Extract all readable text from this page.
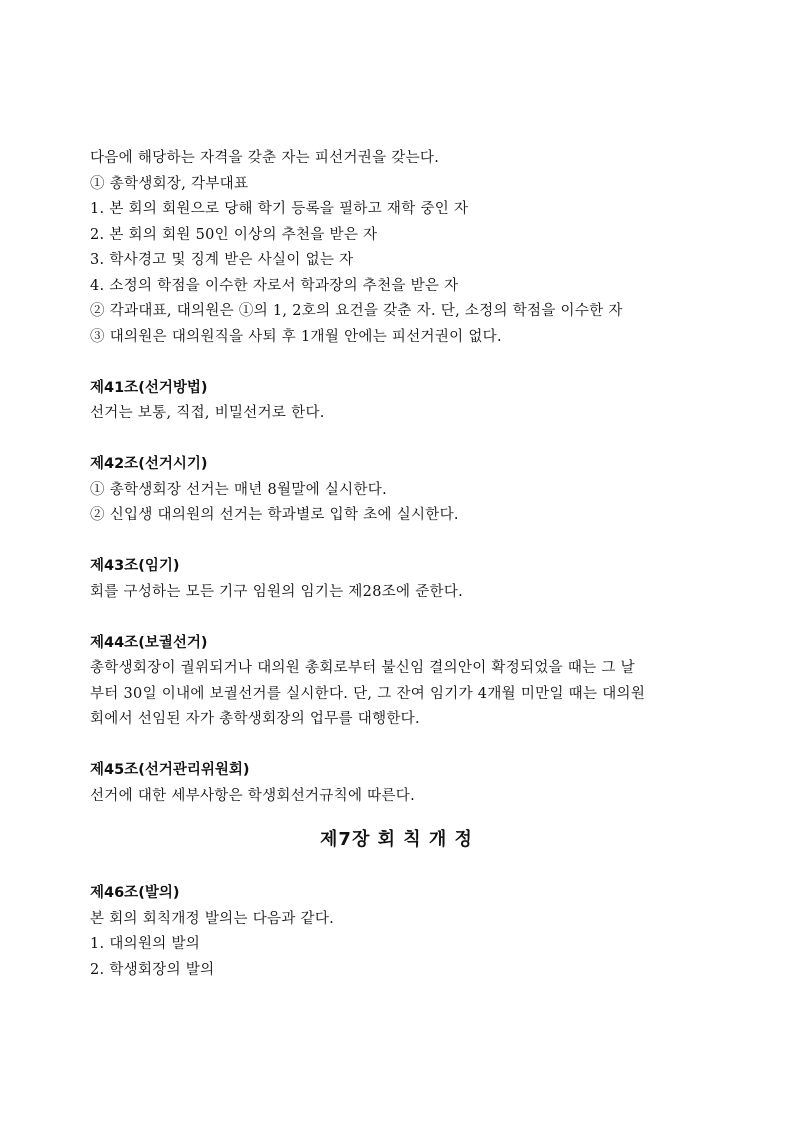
다음에 해당하는 자격을 갖춘 자는 피선거권을 갖는다.
① 총학생회장, 각부대표
1. 본 회의 회원으로 당해 학기 등록을 필하고 재학 중인 자
2. 본 회의 회원 50인 이상의 추천을 받은 자
3. 학사경고 및 징계 받은 사실이 없는 자
4. 소정의 학점을 이수한 자로서 학과장의 추천을 받은 자
② 각과대표, 대의원은 ①의 1, 2호의 요건을 갖춘 자. 단, 소정의 학점을 이수한 자
③ 대의원은 대의원직을 사퇴 후 1개월 안에는 피선거권이 없다.
제41조(선거방법)
선거는 보통, 직접, 비밀선거로 한다.
제42조(선거시기)
① 총학생회장 선거는 매년 8월말에 실시한다.
② 신입생 대의원의 선거는 학과별로 입학 초에 실시한다.
제43조(임기)
회를 구성하는 모든 기구 임원의 임기는 제28조에 준한다.
제44조(보궐선거)
총학생회장이 궐위되거나 대의원 총회로부터 불신임 결의안이 확정되었을 때는 그 날
부터 30일 이내에 보궐선거를 실시한다. 단, 그 잔여 임기가 4개월 미만일 때는 대의원
회에서 선임된 자가 총학생회장의 업무를 대행한다.
제45조(선거관리위원회)
선거에 대한 세부사항은 학생회선거규칙에 따른다.
제7장 회 칙 개 정
제46조(발의)
본 회의 회칙개정 발의는 다음과 같다.
1. 대의원의 발의
2. 학생회장의 발의
